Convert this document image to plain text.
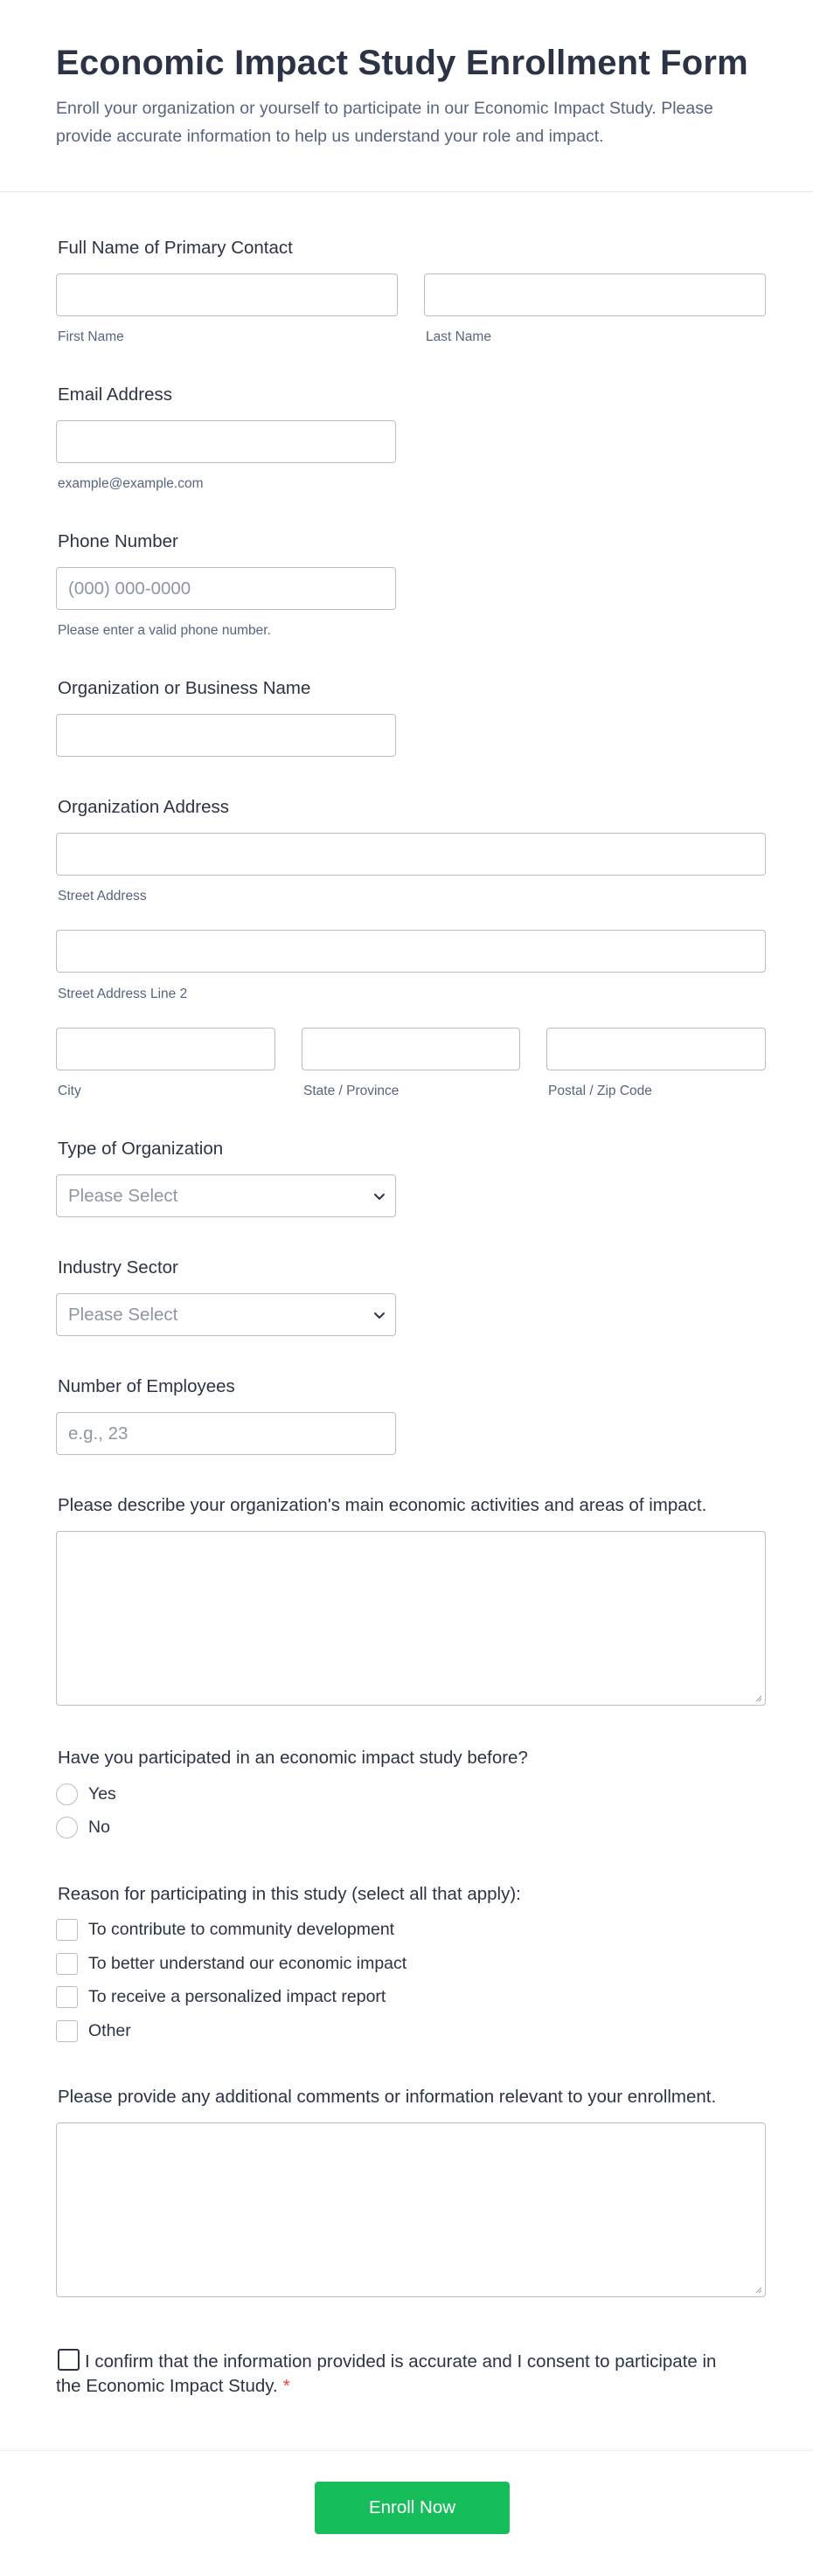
Economic Impact Study Enrollment Form

Enroll your organization or yourself to participate in our Economic Impact Study. Please provide accurate information to help us understand your role and impact.

Full Name of Primary Contact
First Name	Last Name
Email Address
example@example.com
Phone Number
(000) 000-0000
Please enter a valid phone number.
Organization or Business Name
Organization Address
Street Address
Street Address Line 2
City	State / Province	Postal / Zip Code
Type of Organization
Please Select
Industry Sector
Please Select
Number of Employees
e.g., 23
Please describe your organization's main economic activities and areas of impact.
Have you participated in an economic impact study before?
Yes
No
Reason for participating in this study (select all that apply):
To contribute to community development
To better understand our economic impact
To receive a personalized impact report
Other
Please provide any additional comments or information relevant to your enrollment.
I confirm that the information provided is accurate and I consent to participate in the Economic Impact Study. *
Enroll Now
